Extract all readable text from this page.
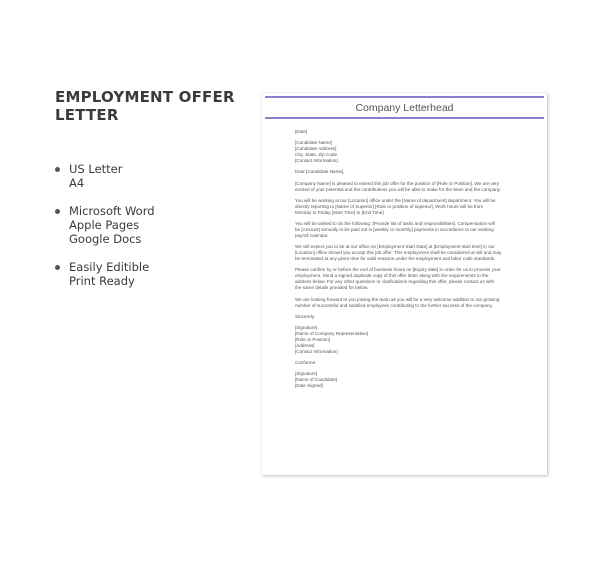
EMPLOYMENT OFFER
LETTER
US Letter
A4
Microsoft Word
Apple Pages
Google Docs
Easily Editible
Print Ready
Company Letterhead
[Date]
[Candidate Name]
[Candidate Address]
City, State, Zip Code
[Contact Information]
Dear [Candidate Name],
[Company Name] is pleased to extend this job offer for the position of [Role or Position]. We are very
excited of your potential and the contributions you will be able to make for the team and the company.
You will be working at our [Location] office under the [Name of department] department. You will be
directly reporting to [Name of Superior] [Role or position of superior]. Work hours will be from
Monday to Friday [Start Time] to [End Time].
You will be tasked to do the following: [Provide list of tasks and responsibilities]. Compensation will
be [Amount] annually to be paid out in [weekly or monthly] payments in accordance to our existing
payroll calendar.
We will expect you to be at our office on [Employment Start Date] at [Employment start time] in our
[Location] office should you accept this job offer. This employment shall be considered at will and may
be terminated at any given time for valid reasons under the employment and labor code standards.
Please confirm by or before the end of business hours on [Expiry date] in order for us to process your
employment. Send a signed duplicate copy of this offer letter along with the requirements to the
address below. For any other questions or clarifications regarding this offer, please contact us with
the same details provided for below.
We are looking forward to you joining the team as you will be a very welcome addition to our growing
number of successful and satisfied employees contributing to the further success of the company.
Sincerely,
[Signature]
[Name of Company Representative]
[Role or Position]
[Address]
[Contact Information]
Conforme:
[Signature]
[Name of Candidate]
[Date Signed]
